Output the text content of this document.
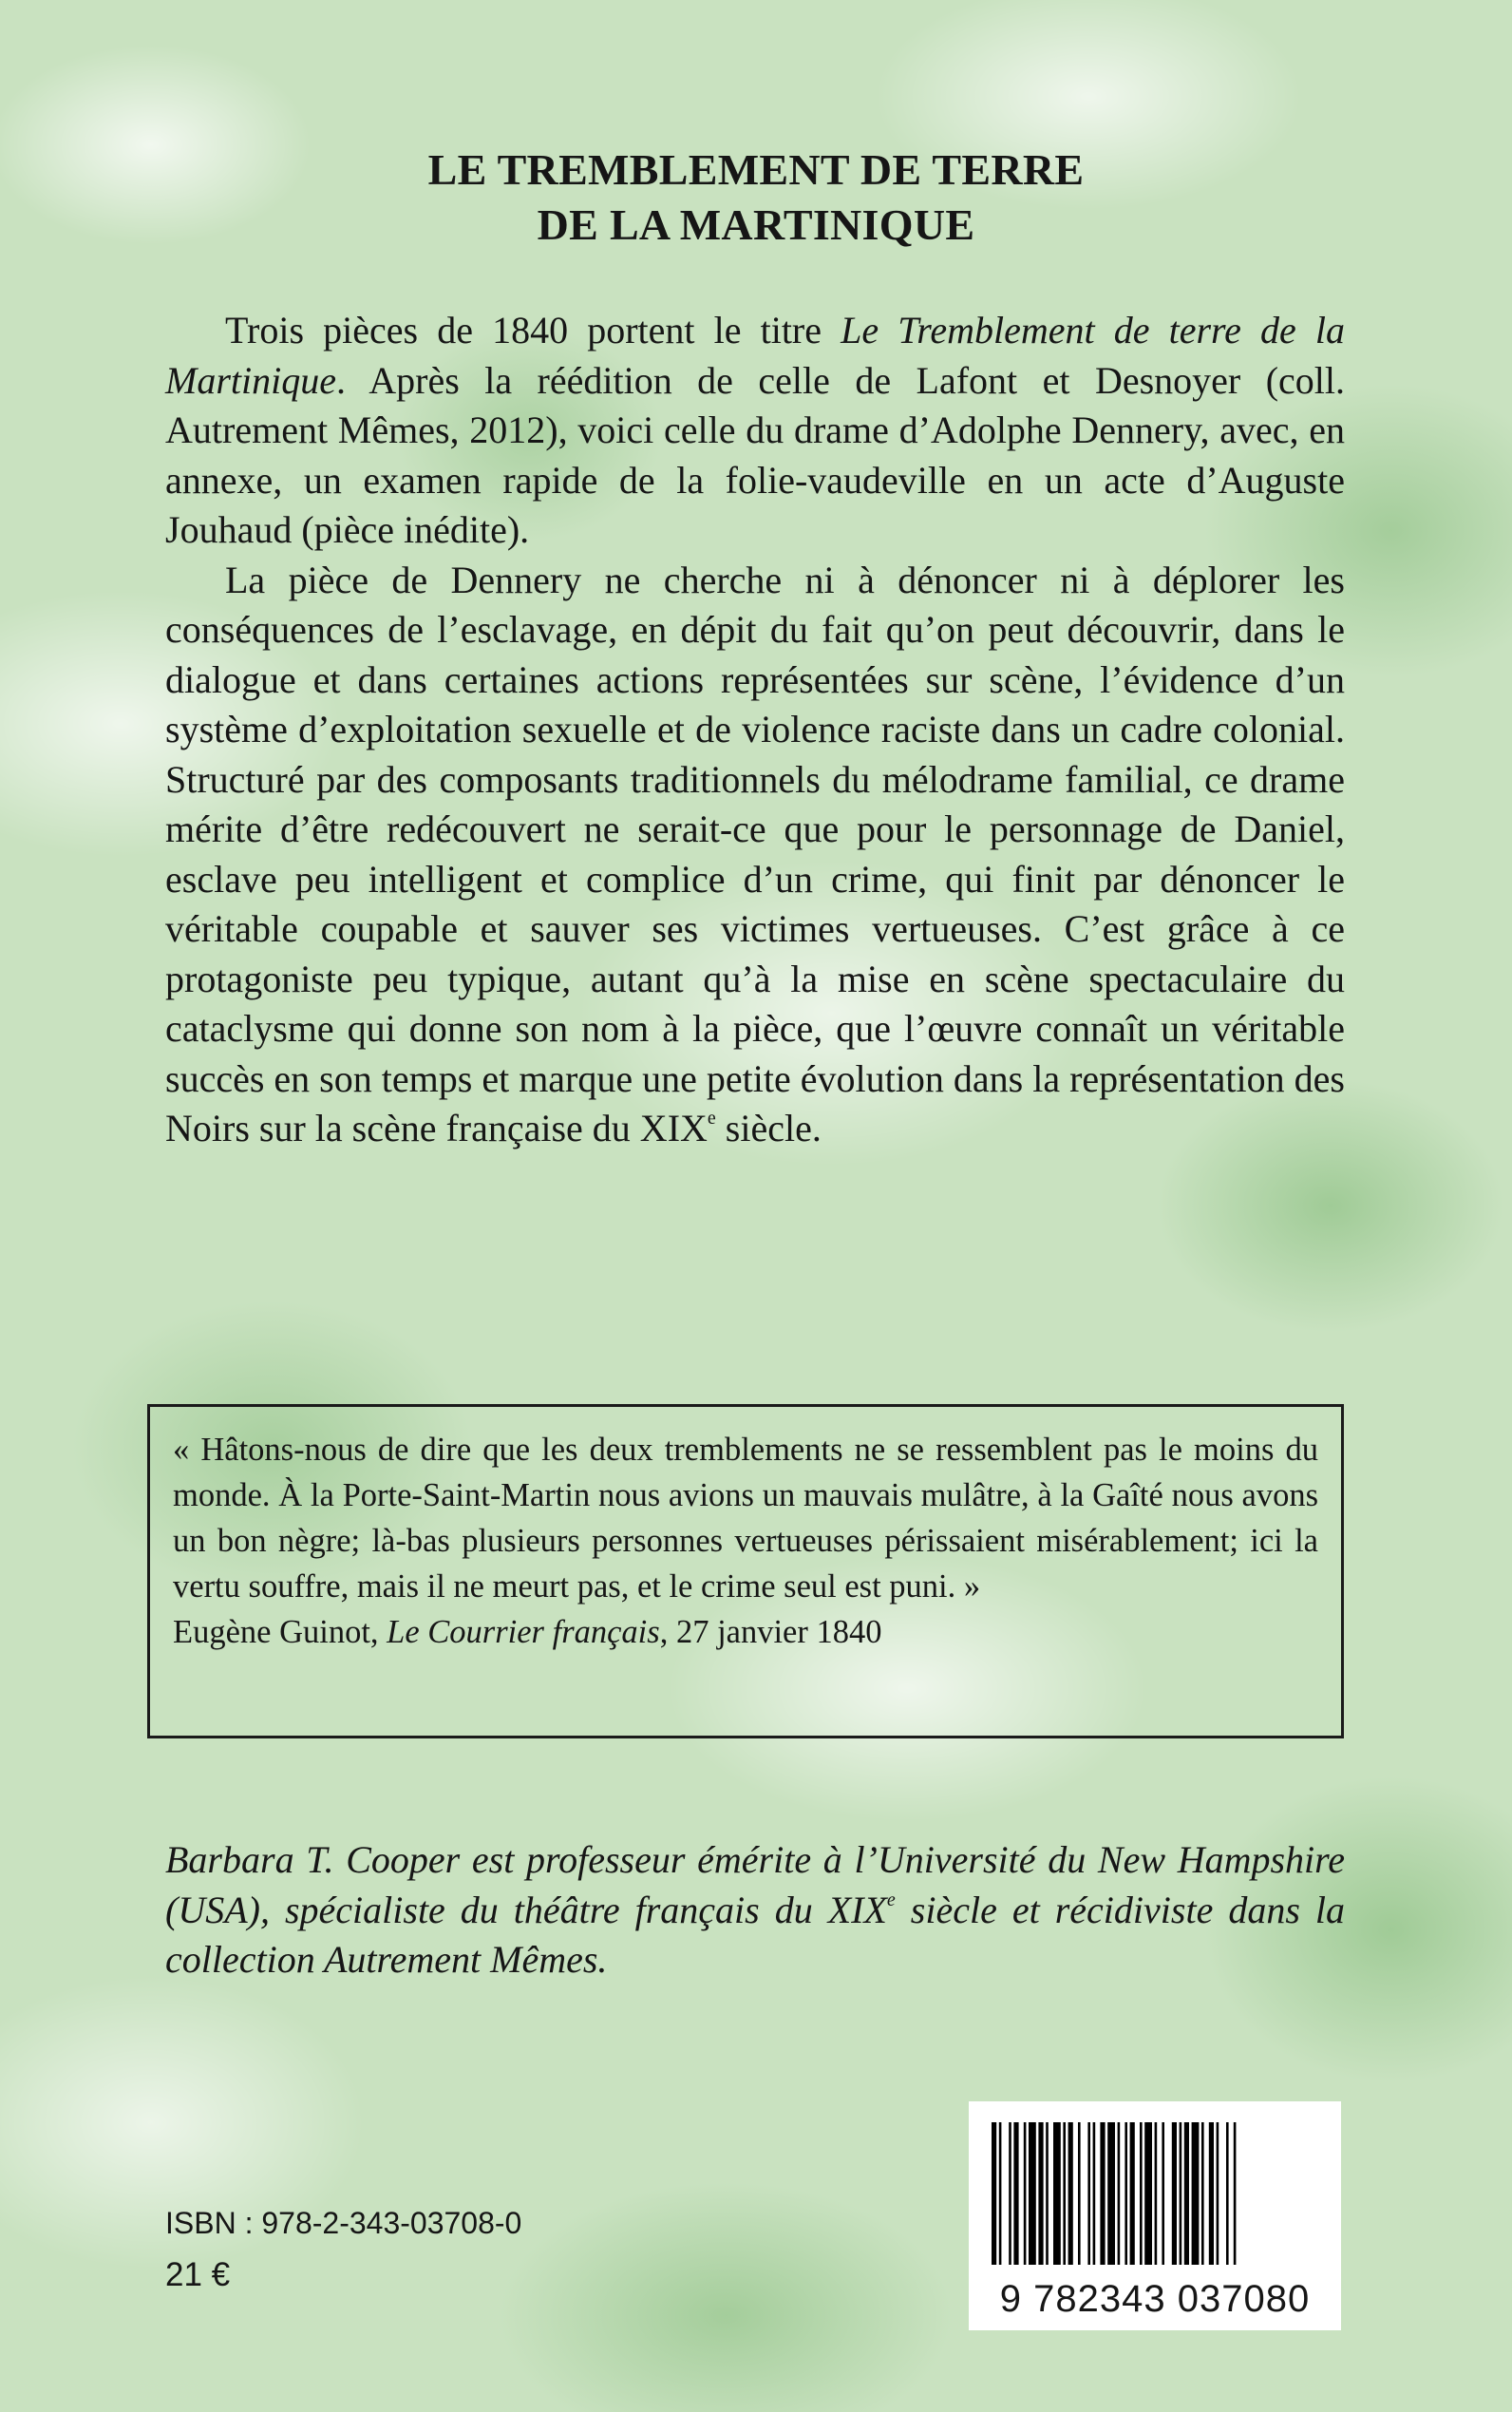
LE TREMBLEMENT DE TERRE
DE LA MARTINIQUE

Trois pièces de 1840 portent le titre Le Tremblement de terre de la Martinique. Après la réédition de celle de Lafont et Desnoyer (coll. Autrement Mêmes, 2012), voici celle du drame d’Adolphe Dennery, avec, en annexe, un examen rapide de la folie-vaudeville en un acte d’Auguste Jouhaud (pièce inédite).

La pièce de Dennery ne cherche ni à dénoncer ni à déplorer les conséquences de l’esclavage, en dépit du fait qu’on peut découvrir, dans le dialogue et dans certaines actions représentées sur scène, l’évidence d’un système d’exploitation sexuelle et de violence raciste dans un cadre colonial. Structuré par des composants traditionnels du mélodrame familial, ce drame mérite d’être redécouvert ne serait-ce que pour le personnage de Daniel, esclave peu intelligent et complice d’un crime, qui finit par dénoncer le véritable coupable et sauver ses victimes vertueuses. C’est grâce à ce protagoniste peu typique, autant qu’à la mise en scène spectaculaire du cataclysme qui donne son nom à la pièce, que l’œuvre connaît un véritable succès en son temps et marque une petite évolution dans la représentation des Noirs sur la scène française du XIXe siècle.

« Hâtons-nous de dire que les deux tremblements ne se ressemblent pas le moins du monde. À la Porte-Saint-Martin nous avions un mauvais mulâtre, à la Gaîté nous avons un bon nègre; là-bas plusieurs personnes vertueuses périssaient misérablement; ici la vertu souffre, mais il ne meurt pas, et le crime seul est puni. »

Eugène Guinot, Le Courrier français, 27 janvier 1840

Barbara T. Cooper est professeur émérite à l’Université du New Hampshire (USA), spécialiste du théâtre français du XIXe siècle et récidiviste dans la collection Autrement Mêmes.

ISBN : 978-2-343-03708-0
21 €
9 782343 037080
